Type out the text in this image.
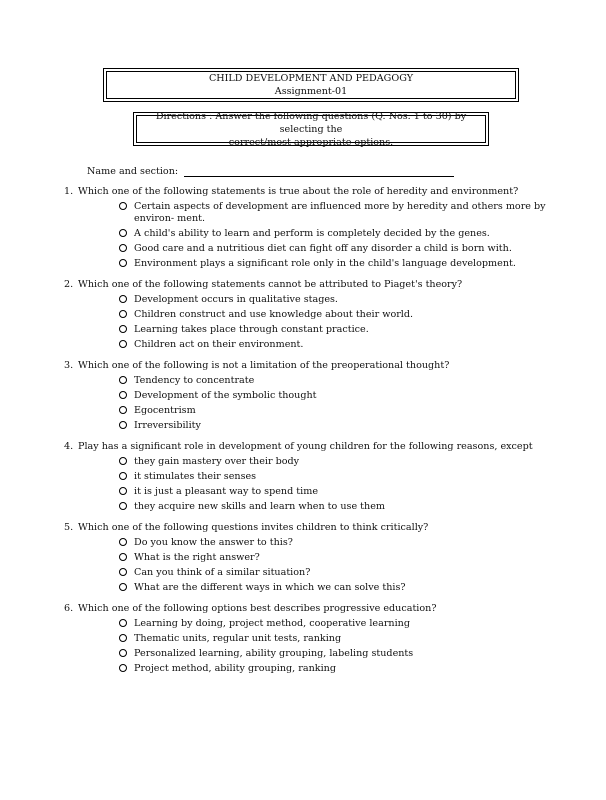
CHILD DEVELOPMENT AND PEDAGOGY
Assignment-01
Directions : Answer the following questions (Q. Nos. 1 to 30) by selecting the
correct/most appropriate options.
Name and section:
1. Which one of the following statements is true about the role of heredity and environment?
Certain aspects of development are influenced more by heredity and others more by environ- ment.
A child's ability to learn and perform is completely decided by the genes.
Good care and a nutritious diet can fight off any disorder a child is born with.
Environment plays a significant role only in the child's language development.
2. Which one of the following statements cannot be attributed to Piaget's theory?
Development occurs in qualitative stages.
Children construct and use knowledge about their world.
Learning takes place through constant practice.
Children act on their environment.
3. Which one of the following is not a limitation of the preoperational thought?
Tendency to concentrate
Development of the symbolic thought
Egocentrism
Irreversibility
4. Play has a significant role in development of young children for the following reasons, except
they gain mastery over their body
it stimulates their senses
it is just a pleasant way to spend time
they acquire new skills and learn when to use them
5. Which one of the following questions invites children to think critically?
Do you know the answer to this?
What is the right answer?
Can you think of a similar situation?
What are the different ways in which we can solve this?
6. Which one of the following options best describes progressive education?
Learning by doing, project method, cooperative learning
Thematic units, regular unit tests, ranking
Personalized learning, ability grouping, labeling students
Project method, ability grouping, ranking
